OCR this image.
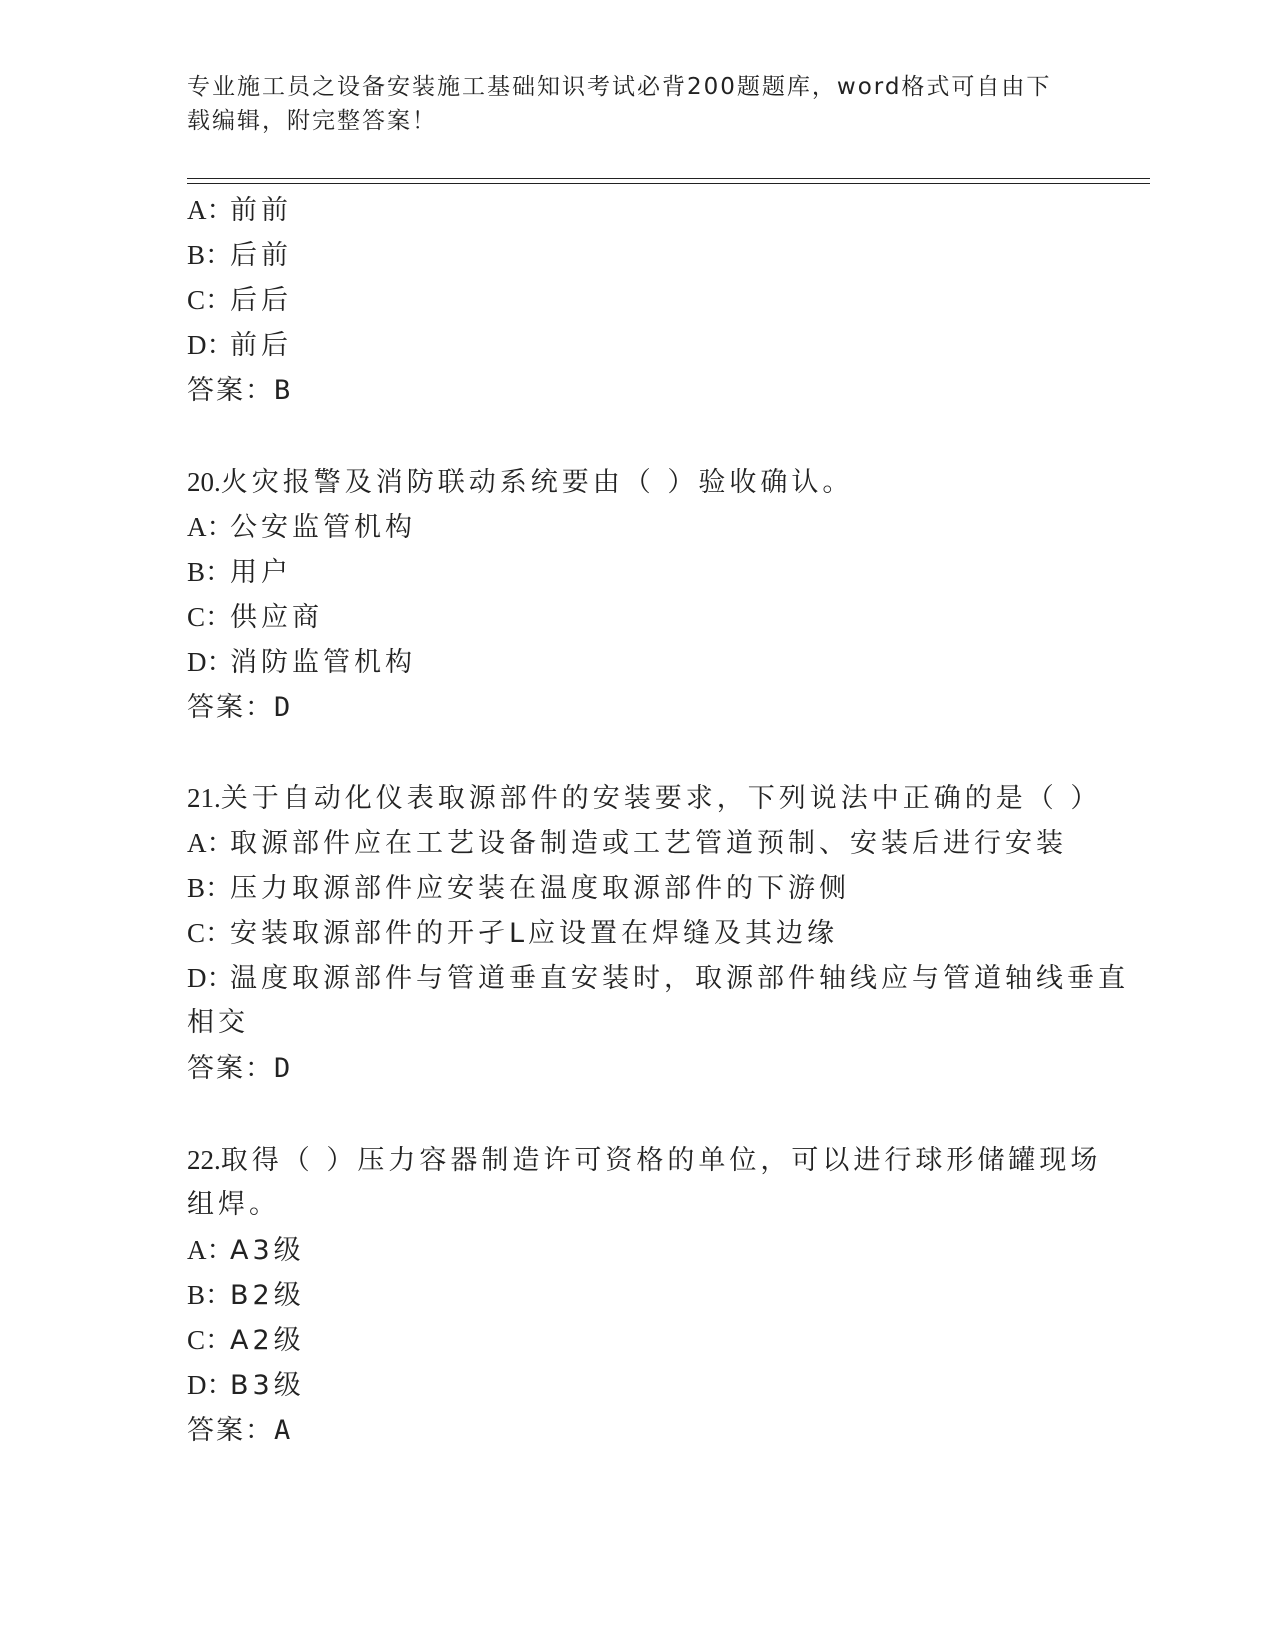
专业施工员之设备安装施工基础知识考试必背200题题库，word格式可自由下载编辑，附完整答案！
A：前前
B：后前
C：后后
D：前后
答案：B
20.火灾报警及消防联动系统要由（ ）验收确认。
A：公安监管机构
B：用户
C：供应商
D：消防监管机构
答案：D
21.关于自动化仪表取源部件的安装要求，下列说法中正确的是（ ）
A：取源部件应在工艺设备制造或工艺管道预制、安装后进行安装
B：压力取源部件应安装在温度取源部件的下游侧
C：安装取源部件的开孑L应设置在焊缝及其边缘
D：温度取源部件与管道垂直安装时，取源部件轴线应与管道轴线垂直
相交
答案：D
22.取得（ ）压力容器制造许可资格的单位，可以进行球形储罐现场
组焊。
A：A3级
B：B2级
C：A2级
D：B3级
答案：A
